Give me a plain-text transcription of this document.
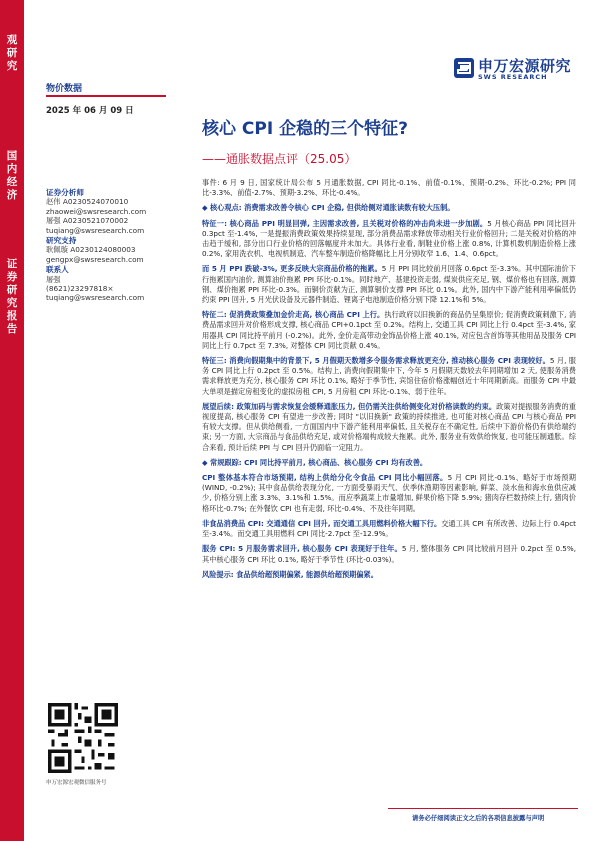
观研究
国内经济
证券研究报告
物价数据
2025 年 06 月 09 日
申万宏源研究
SWS RESEARCH
核心 CPI 企稳的三个特征?
——通胀数据点评（25.05）
证券分析师
赵伟 A0230524070010
zhaowei@swsresearch.com
屠强 A0230521070002
tuqiang@swsresearch.com
研究支持
耿佩璇 A0230124080003
gengpx@swsresearch.com
联系人
屠强
(8621)23297818×
tuqiang@swsresearch.com

事件: 6 月 9 日, 国家统计局公布 5 月通胀数据, CPI 同比-0.1%、前值-0.1%、预期-0.2%、环比-0.2%; PPI 同比-3.3%、前值-2.7%、预期-3.2%、环比-0.4%。

◆ 核心观点: 消费需求改善令核心 CPI 企稳, 但供给侧对通胀读数有较大压制。

特征一: 核心商品 PPI 明显回弹, 主因需求改善, 且关税对价格的冲击尚未进一步加剧。5 月核心商品 PPI 同比回升 0.3pct 至-1.4%, 一是提振消费政策效果持续显现, 部分消费品需求释放带动相关行业价格回升; 二是关税对价格的冲击趋于缓和, 部分出口行业价格的回落幅度并未加大。具体行业看, 制鞋业价格上涨 0.8%, 计算机数机制造价格上涨 0.2%, 家用洗衣机、电视机制造、汽车整车制造价格降幅比上月分别收窄 1.6、1.4、0.6pct。

而 5 月 PPI 跌破-3%, 更多反映大宗商品价格的拖累。5 月 PPI 同比较前月回落 0.6pct 至-3.3%。其中国际油价下行拖累国内油价, 测算油价拖累 PPI 环比-0.1%。同时地产、基建投资走弱, 煤炭供应充足, 钢、煤价格也有回落, 测算钢、煤价拖累 PPI 环比-0.3%。而铜价贡献为正, 测算铜价支撑 PPI 环比 0.1%。此外, 国内中下游产能利用率偏低仍约束 PPI 回升, 5 月光伏设备及元器件制造、锂离子电池制造价格分别下降 12.1%和 5%。

特征二: 促消费政策叠加金价走高, 核心商品 CPI 上行。执行政府以旧换新的商品仍呈集原价; 促消费政策刺激下, 消费品需求回升对价格形成支撑, 核心商品 CPI+0.1pct 至 0.2%。结构上, 交通工具 CPI 同比上行 0.4pct 至-3.4%, 家用器具 CPI 同比持平前月 (-0.2%)。此外, 金价走高带动金饰品价格上涨 40.1%, 对应包含首饰等其他用品及服务 CPI 同比上行 0.7pct 至 7.3%, 对整体 CPI 同比贡献 0.4%。

特征三: 消费向假期集中的背景下, 5 月假期天数增多令服务需求释放更充分, 推动核心服务 CPI 表现较好。5 月, 服务 CPI 同比上行 0.2pct 至 0.5%。结构上, 消费向假期集中下, 今年 5 月假期天数较去年同期增加 2 天, 使服务消费需求释放更为充分, 核心服务 CPI 环比 0.1%, 略好于季节性, 宾馆住宿价格涨幅创近十年同期新高。而服务 CPI 中最大单项是描定房租变化的虚拟房租 CPI, 5 月房租 CPI 环比-0.1%、弱于往年。

展望后续: 政策加码与需求恢复会缓释通胀压力, 但仍需关注供给侧变化对价格读数的约束。政策对提振服务消费的重视度提高, 核心服务 CPI 有望进一步改善; 同时 "以旧换新" 政策的持续推进, 也可能对核心商品 CPI 与核心商品 PPI 有较大支撑。但从供给侧看, 一方面国内中下游产能利用率偏低, 且关税存在不确定性, 后续中下游价格仍有供给端约束; 另一方面, 大宗商品与食品供给充足, 或对价格端构成较大拖累。此外, 服务业有效供给恢复, 也可能压制通胀。综合来看, 预计后续 PPI 与 CPI 回升仍面临一定阻力。

◆ 常规跟踪: CPI 同比持平前月, 核心商品、核心服务 CPI 均有改善。

CPI 整体基本符合市场预期, 结构上供给分化令食品 CPI 同比小幅回落。5 月 CPI 同比-0.1%、略好于市场预期(WIND, -0.2%); 其中食品供给表现分化, 一方面受暴雨天气、伏季休渔期等因素影响, 鲜菜、淡水鱼和海水鱼供应减少, 价格分别上涨 3.3%、3.1%和 1.5%。而应季蔬菜上市量增加, 鲜果价格下降 5.9%; 猪肉存栏数持续上行, 猪肉价格环比-0.7%; 在外餐饮 CPI 也有走弱, 环比-0.4%、不及往年同期。

非食品消费品 CPI: 交通通信 CPI 回升, 而交通工具用燃料价格大幅下行。交通工具 CPI 有所改善、边际上行 0.4pct 至-3.4%。而交通工具用燃料 CPI 同比-2.7pct 至-12.9%。

服务 CPI: 5 月服务需求回升, 核心服务 CPI 表现好于往年。5 月, 整体服务 CPI 同比较前月回升 0.2pct 至 0.5%, 其中核心服务 CPI 环比 0.1%, 略好于季节性 (环比-0.03%)。

风险提示: 食品供给超预期偏紧, 能源供给超预期偏紧。

申万宏源宏观微信服务号
请务必仔细阅读正文之后的各项信息披露与声明
